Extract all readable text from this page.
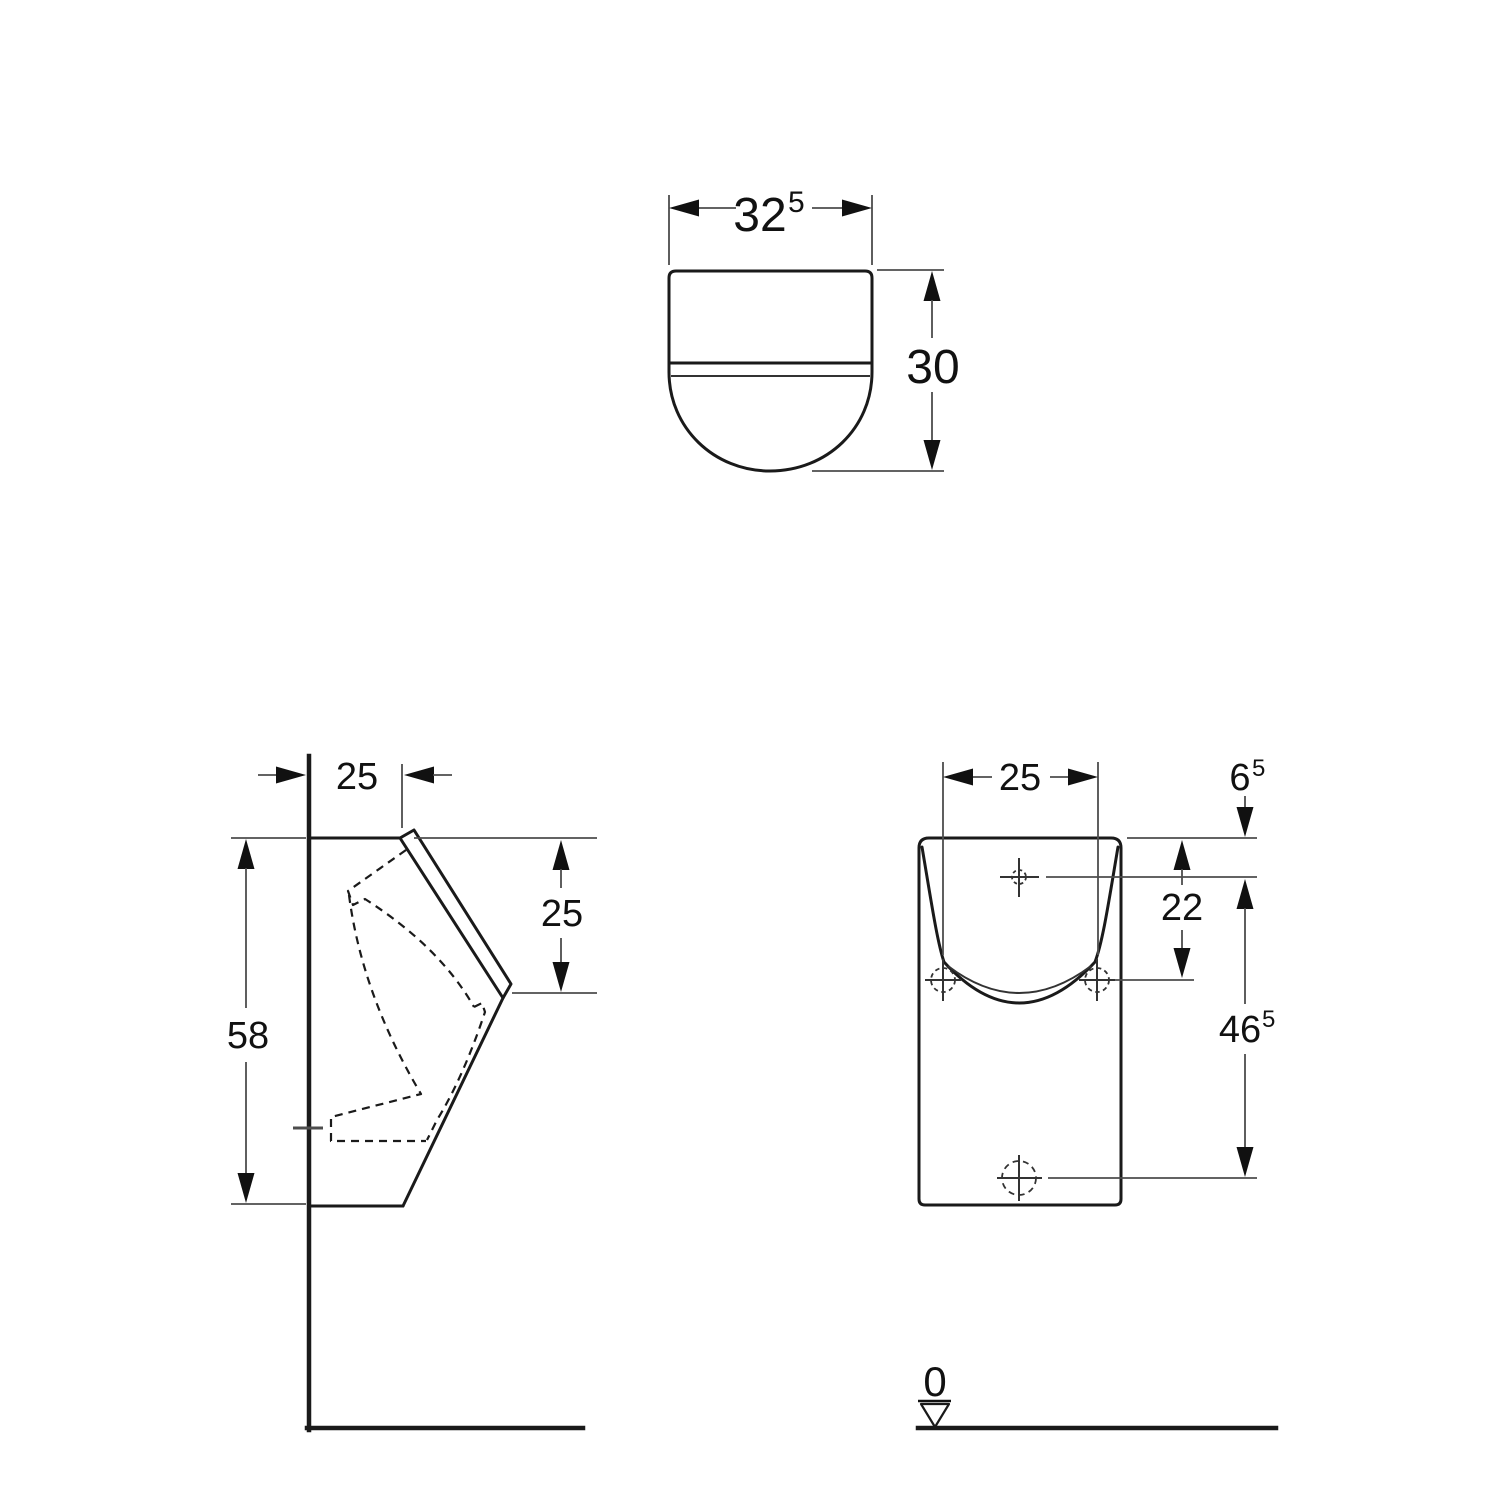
32 5
30
25
58
25
25	6 5
22
46 5
0
